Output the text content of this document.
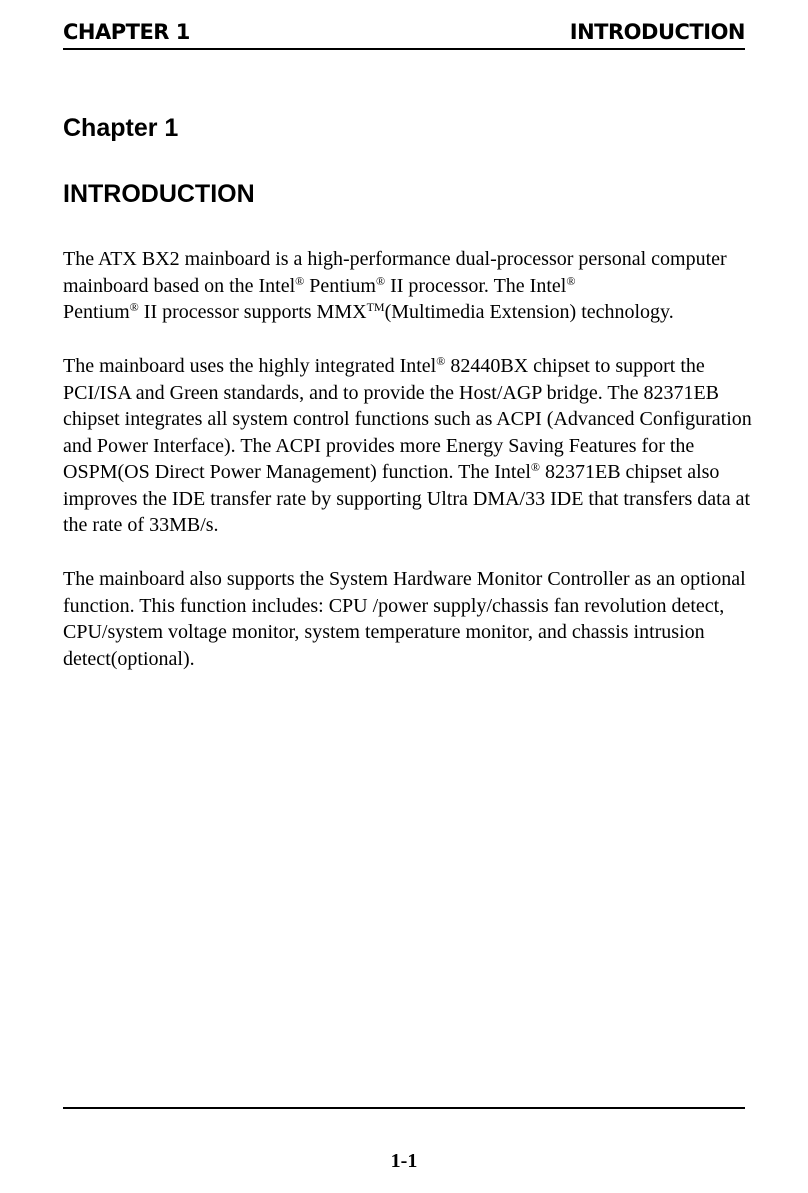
CHAPTER 1	INTRODUCTION
Chapter 1
INTRODUCTION

The ATX BX2 mainboard is a high-performance dual-processor personal computer mainboard based on the Intel® Pentium® II processor. The Intel®
Pentium® II processor supports MMX™(Multimedia Extension) technology.

The mainboard uses the highly integrated Intel® 82440BX chipset to support the PCI/ISA and Green standards, and to provide the Host/AGP bridge. The 82371EB chipset integrates all system control functions such as ACPI (Advanced Configuration and Power Interface). The ACPI provides more Energy Saving Features for the OSPM(OS Direct Power Management) function. The Intel® 82371EB chipset also improves the IDE transfer rate by supporting Ultra DMA/33 IDE that transfers data at the rate of 33MB/s.

The mainboard also supports the System Hardware Monitor Controller as an optional function. This function includes: CPU /power supply/chassis fan revolution detect, CPU/system voltage monitor, system temperature monitor, and chassis intrusion detect(optional).

1-1
